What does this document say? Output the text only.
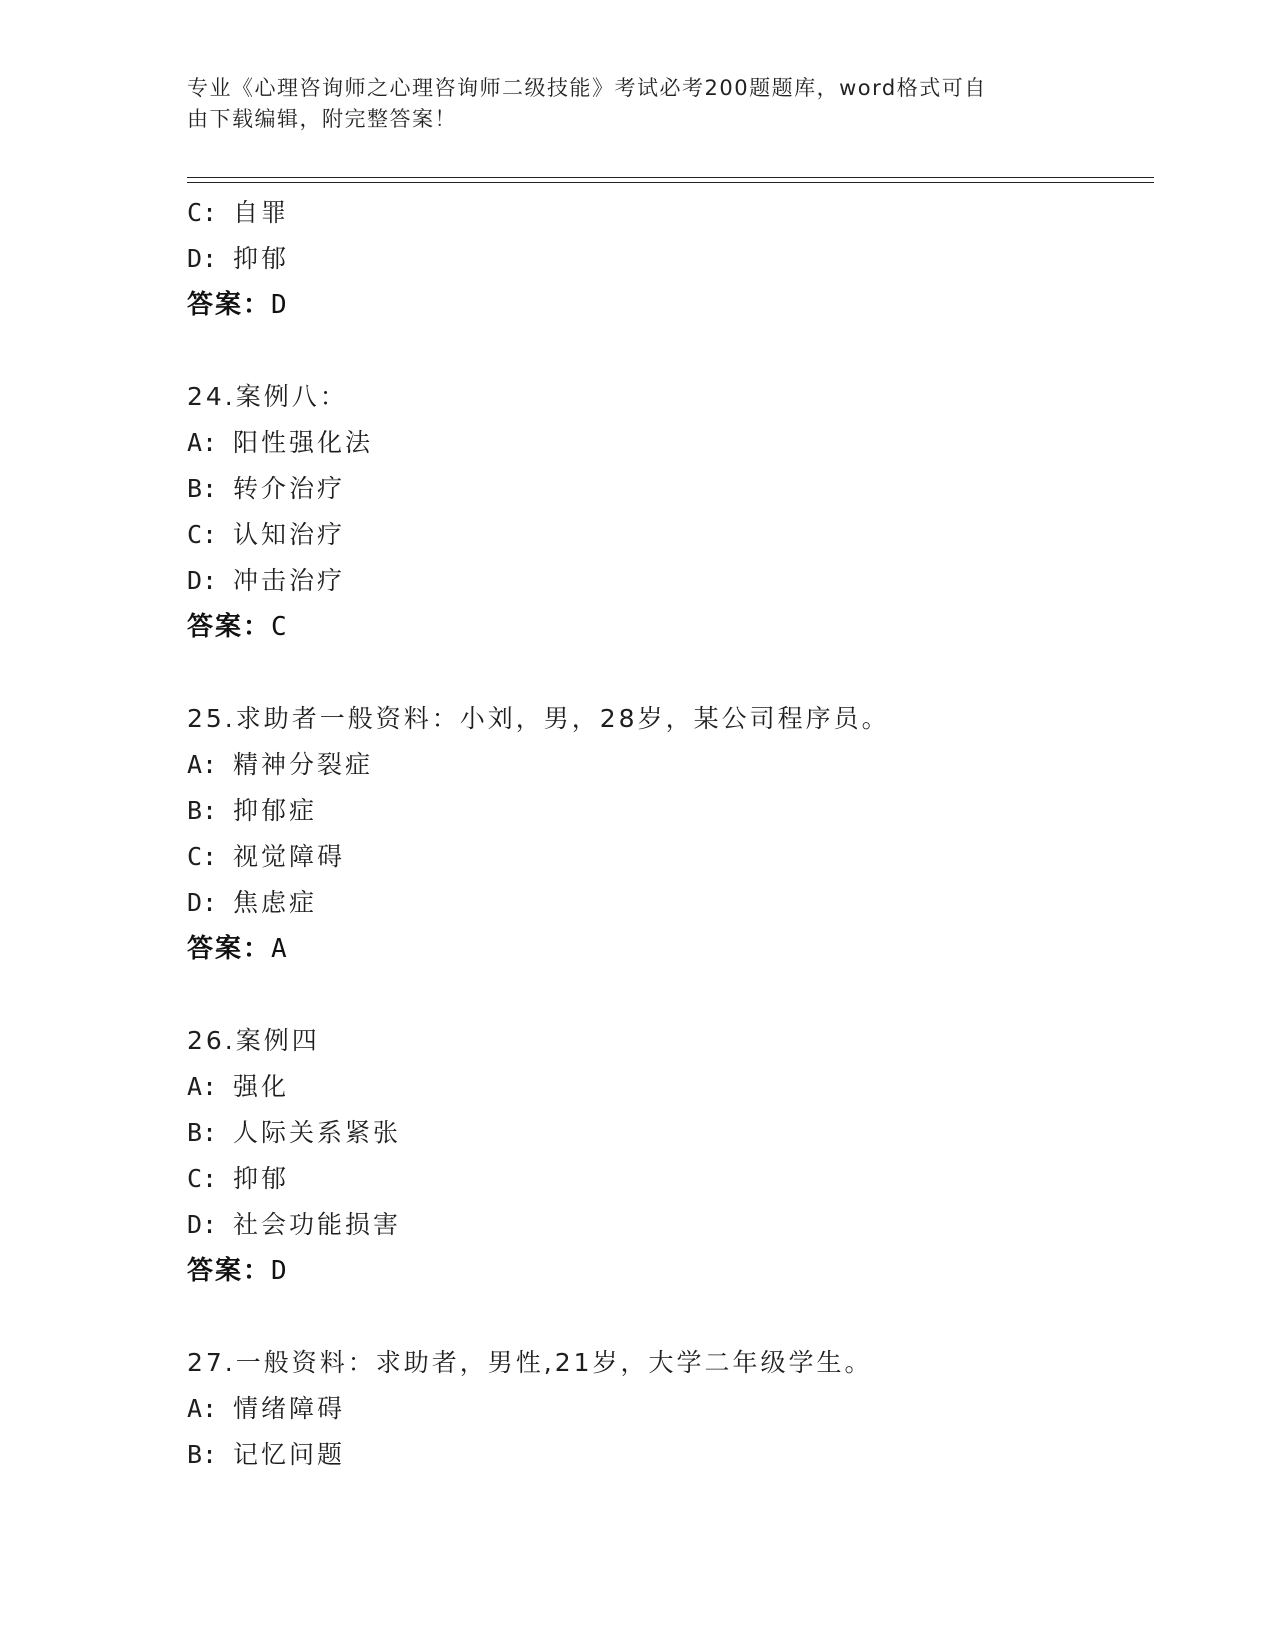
专业《心理咨询师之心理咨询师二级技能》考试必考200题题库，word格式可自
由下载编辑，附完整答案！
C: 自罪
D: 抑郁
答案：D
24.案例八：
A: 阳性强化法
B: 转介治疗
C: 认知治疗
D: 冲击治疗
答案：C
25.求助者一般资料：小刘，男，28岁，某公司程序员。
A: 精神分裂症
B: 抑郁症
C: 视觉障碍
D: 焦虑症
答案：A
26.案例四
A: 强化
B: 人际关系紧张
C: 抑郁
D: 社会功能损害
答案：D
27.一般资料：求助者，男性,21岁，大学二年级学生。
A: 情绪障碍
B: 记忆问题
